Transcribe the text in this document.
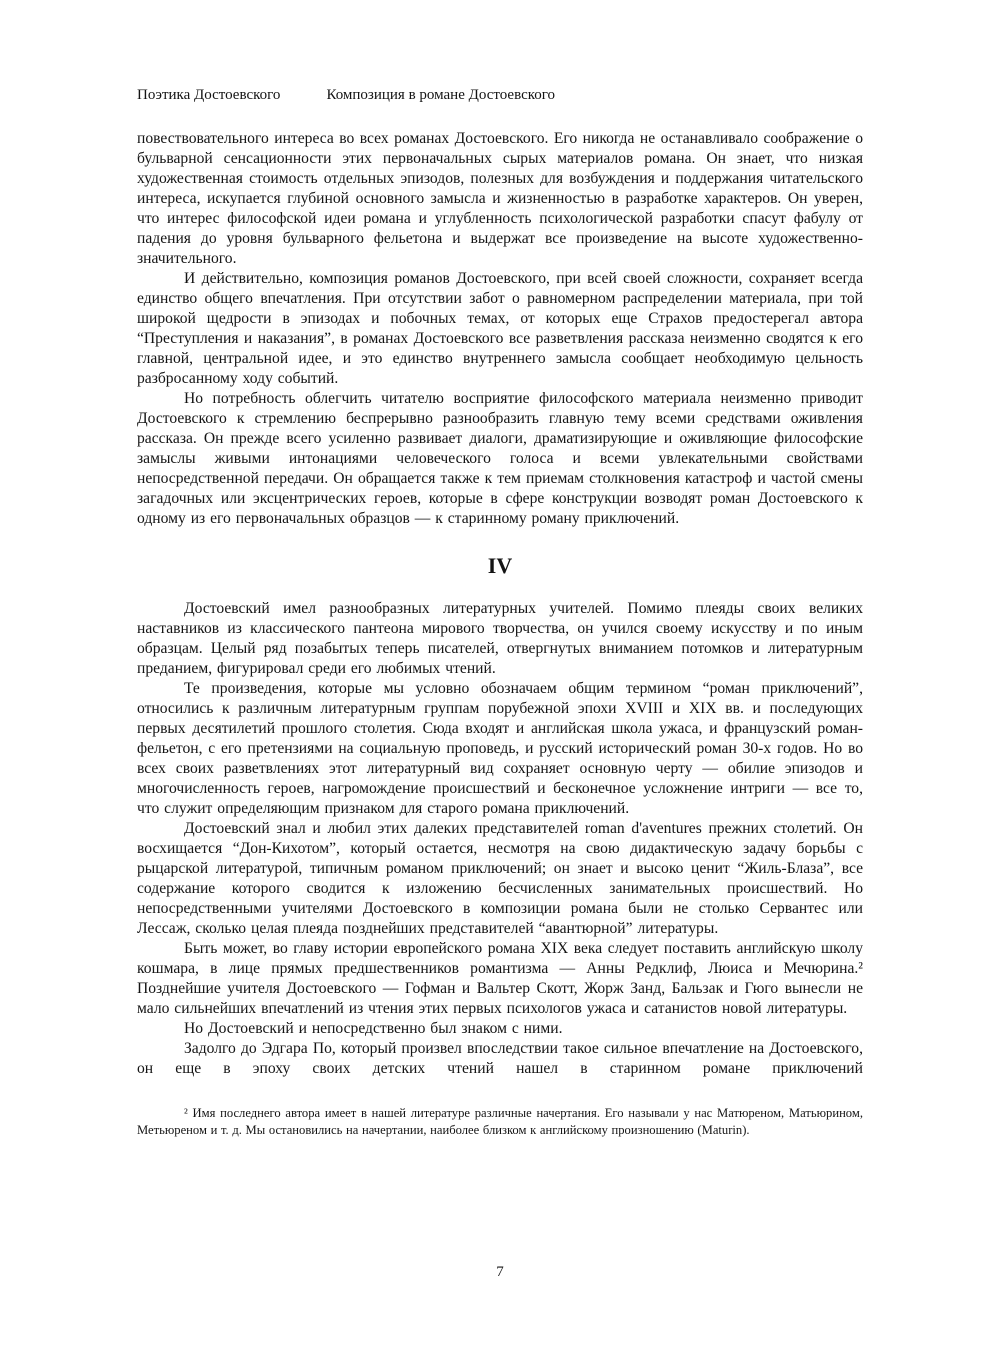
Поэтика Достоевского	Композиция в романе Достоевского

повествовательного интереса во всех романах Достоевского. Его никогда не останавливало соображение о бульварной сенсационности этих первоначальных сырых материалов романа. Он знает, что низкая художественная стоимость отдельных эпизодов, полезных для возбуждения и поддержания читательского интереса, искупается глубиной основного замысла и жизненностью в разработке характеров. Он уверен, что интерес философской идеи романа и углубленность психологической разработки спасут фабулу от падения до уровня бульварного фельетона и выдержат все произведение на высоте художественно-значительного.

И действительно, композиция романов Достоевского, при всей своей сложности, сохраняет всегда единство общего впечатления. При отсутствии забот о равномерном распределении материала, при той широкой щедрости в эпизодах и побочных темах, от которых еще Страхов предостерегал автора “Преступления и наказания”, в романах Достоевского все разветвления рассказа неизменно сводятся к его главной, центральной идее, и это единство внутреннего замысла сообщает необходимую цельность разбросанному ходу событий.

Но потребность облегчить читателю восприятие философского материала неизменно приводит Достоевского к стремлению беспрерывно разнообразить главную тему всеми средствами оживления рассказа. Он прежде всего усиленно развивает диалоги, драматизирующие и оживляющие философские замыслы живыми интонациями человеческого голоса и всеми увлекательными свойствами непосредственной передачи. Он обращается также к тем приемам столкновения катастроф и частой смены загадочных или эксцентрических героев, которые в сфере конструкции возводят роман Достоевского к одному из его первоначальных образцов — к старинному роману приключений.

IV

Достоевский имел разнообразных литературных учителей. Помимо плеяды своих великих наставников из классического пантеона мирового творчества, он учился своему искусству и по иным образцам. Целый ряд позабытых теперь писателей, отвергнутых вниманием потомков и литературным преданием, фигурировал среди его любимых чтений.

Те произведения, которые мы условно обозначаем общим термином “роман приключений”, относились к различным литературным группам порубежной эпохи XVIII и XIX вв. и последующих первых десятилетий прошлого столетия. Сюда входят и английская школа ужаса, и французский роман-фельетон, с его претензиями на социальную проповедь, и русский исторический роман 30-х годов. Но во всех своих разветвлениях этот литературный вид сохраняет основную черту — обилие эпизодов и многочисленность героев, нагромождение происшествий и бесконечное усложнение интриги — все то, что служит определяющим признаком для старого романа приключений.

Достоевский знал и любил этих далеких представителей roman d'aventures прежних столетий. Он восхищается “Дон-Кихотом”, который остается, несмотря на свою дидактическую задачу борьбы с рыцарской литературой, типичным романом приключений; он знает и высоко ценит “Жиль-Блаза”, все содержание которого сводится к изложению бесчисленных занимательных происшествий. Но непосредственными учителями Достоевского в композиции романа были не столько Сервантес или Лессаж, сколько целая плеяда позднейших представителей “авантюрной” литературы.

Быть может, во главу истории европейского романа XIX века следует поставить английскую школу кошмара, в лице прямых предшественников романтизма — Анны Редклиф, Люиса и Мечюрина.² Позднейшие учителя Достоевского — Гофман и Вальтер Скотт, Жорж Занд, Бальзак и Гюго вынесли не мало сильнейших впечатлений из чтения этих первых психологов ужаса и сатанистов новой литературы.

Но Достоевский и непосредственно был знаком с ними.

Задолго до Эдгара По, который произвел впоследствии такое сильное впечатление на Достоевского, он еще в эпоху своих детских чтений нашел в старинном романе приключений

² Имя последнего автора имеет в нашей литературе различные начертания. Его называли у нас Матюреном, Матьюрином, Метьюреном и т. д. Мы остановились на начертании, наиболее близком к английскому произношению (Maturin).
7
